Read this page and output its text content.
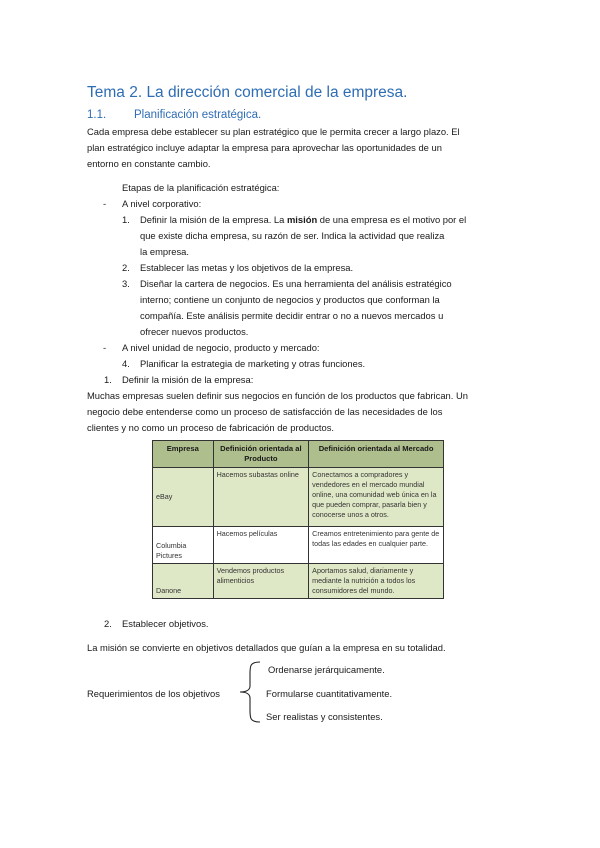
Tema 2. La dirección comercial de la empresa.
1.1. Planificación estratégica.
Cada empresa debe establecer su plan estratégico que le permita crecer a largo plazo. El
plan estratégico incluye adaptar la empresa para aprovechar las oportunidades de un
entorno en constante cambio.
Etapas de la planificación estratégica:
- A nivel corporativo:
1. Definir la misión de la empresa. La misión de una empresa es el motivo por el
que existe dicha empresa, su razón de ser. Indica la actividad que realiza
la empresa.
2. Establecer las metas y los objetivos de la empresa.
3. Diseñar la cartera de negocios. Es una herramienta del análisis estratégico
interno; contiene un conjunto de negocios y productos que conforman la
compañía. Este análisis permite decidir entrar o no a nuevos mercados u
ofrecer nuevos productos.
- A nivel unidad de negocio, producto y mercado:
4. Planificar la estrategia de marketing y otras funciones.
1. Definir la misión de la empresa:
Muchas empresas suelen definir sus negocios en función de los productos que fabrican. Un
negocio debe entenderse como un proceso de satisfacción de las necesidades de los
clientes y no como un proceso de fabricación de productos.
Empresa	Definición orientada al Producto	Definición orientada al Mercado
eBay	Hacemos subastas online	Conectamos a compradores y vendedores en el mercado mundial online, una comunidad web única en la que pueden comprar, pasarla bien y conocerse unos a otros.
Columbia Pictures	Hacemos películas	Creamos entretenimiento para gente de todas las edades en cualquier parte.
Danone	Vendemos productos alimenticios	Aportamos salud, diariamente y mediante la nutrición a todos los consumidores del mundo.
2. Establecer objetivos.
La misión se convierte en objetivos detallados que guían a la empresa en su totalidad.
Requerimientos de los objetivos
Ordenarse jerárquicamente.
Formularse cuantitativamente.
Ser realistas y consistentes.
